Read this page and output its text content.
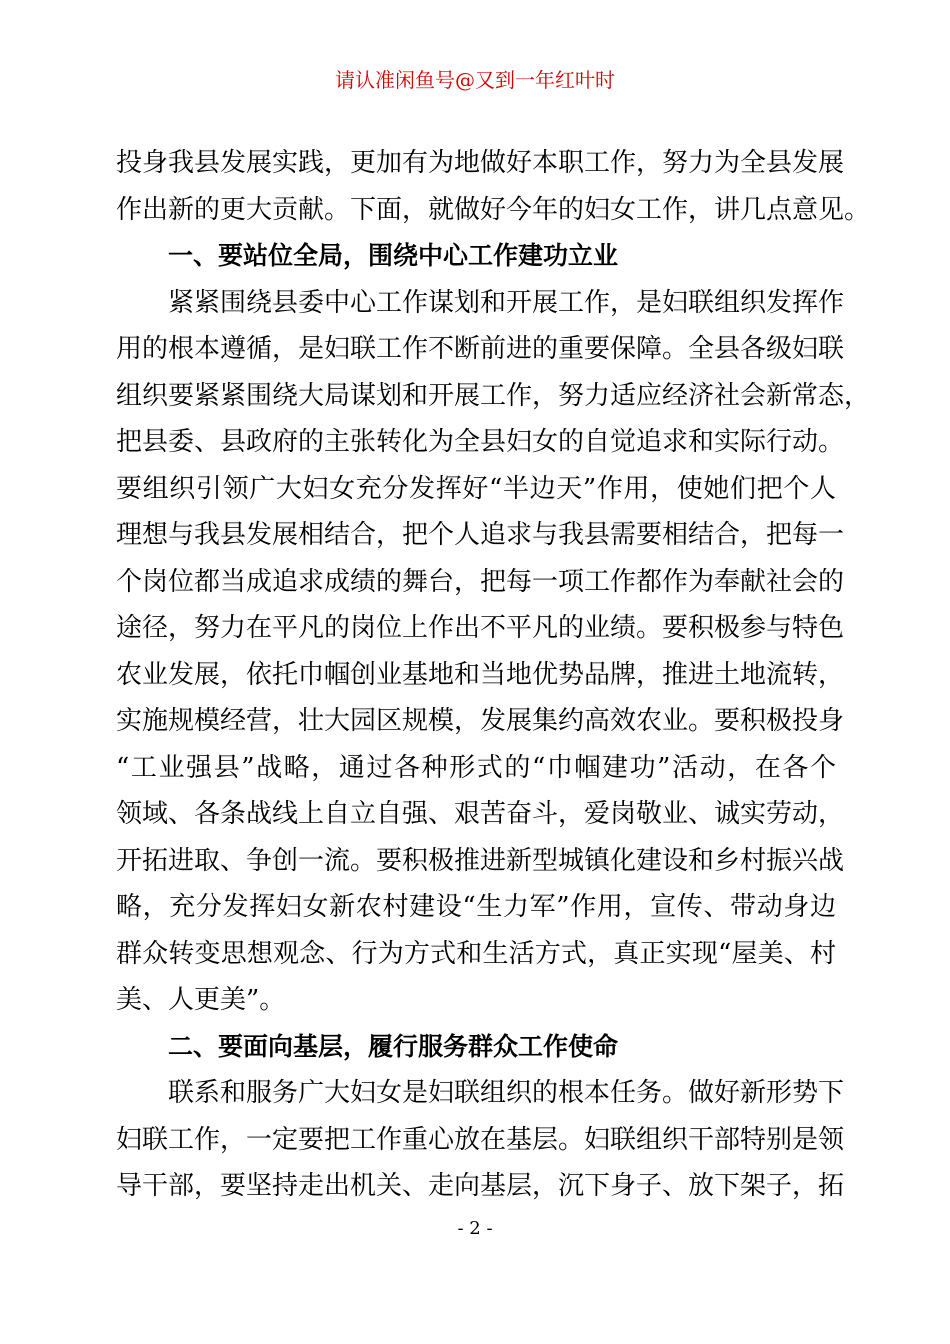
请认准闲鱼号@又到一年红叶时
投身我县发展实践，更加有为地做好本职工作，努力为全县发展
作出新的更大贡献。下面，就做好今年的妇女工作，讲几点意见。
一、要站位全局，围绕中心工作建功立业
紧紧围绕县委中心工作谋划和开展工作，是妇联组织发挥作
用的根本遵循，是妇联工作不断前进的重要保障。全县各级妇联
组织要紧紧围绕大局谋划和开展工作，努力适应经济社会新常态，
把县委、县政府的主张转化为全县妇女的自觉追求和实际行动。
要组织引领广大妇女充分发挥好“半边天”作用，使她们把个人
理想与我县发展相结合，把个人追求与我县需要相结合，把每一
个岗位都当成追求成绩的舞台，把每一项工作都作为奉献社会的
途径，努力在平凡的岗位上作出不平凡的业绩。要积极参与特色
农业发展，依托巾帼创业基地和当地优势品牌，推进土地流转，
实施规模经营，壮大园区规模，发展集约高效农业。要积极投身
“工业强县”战略，通过各种形式的“巾帼建功”活动，在各个
领域、各条战线上自立自强、艰苦奋斗，爱岗敬业、诚实劳动，
开拓进取、争创一流。要积极推进新型城镇化建设和乡村振兴战
略，充分发挥妇女新农村建设“生力军”作用，宣传、带动身边
群众转变思想观念、行为方式和生活方式，真正实现“屋美、村
美、人更美”。
二、要面向基层，履行服务群众工作使命
联系和服务广大妇女是妇联组织的根本任务。做好新形势下
妇联工作，一定要把工作重心放在基层。妇联组织干部特别是领
导干部，要坚持走出机关、走向基层，沉下身子、放下架子，拓
- 2 -
